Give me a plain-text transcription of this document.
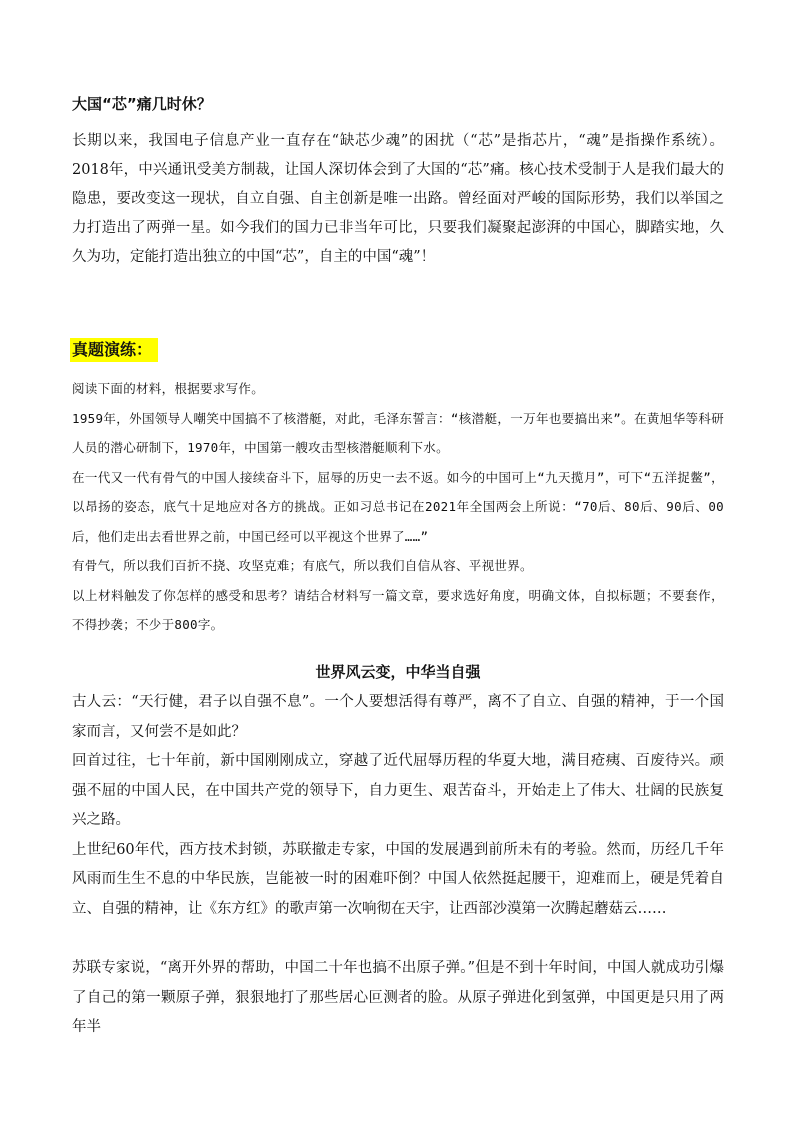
大国“芯”痛几时休？
长期以来，我国电子信息产业一直存在“缺芯少魂”的困扰（“芯”是指芯片，“魂”是指操作系统）。2018年，中兴通讯受美方制裁，让国人深切体会到了大国的“芯”痛。核心技术受制于人是我们最大的隐患，要改变这一现状，自立自强、自主创新是唯一出路。曾经面对严峻的国际形势，我们以举国之力打造出了两弹一星。如今我们的国力已非当年可比，只要我们凝聚起澎湃的中国心，脚踏实地，久久为功，定能打造出独立的中国“芯”，自主的中国“魂”！
真题演练：

阅读下面的材料，根据要求写作。

1959年，外国领导人嘲笑中国搞不了核潜艇，对此，毛泽东誓言：“核潜艇，一万年也要搞出来”。在黄旭华等科研人员的潜心研制下，1970年，中国第一艘攻击型核潜艇顺利下水。

在一代又一代有骨气的中国人接续奋斗下，屈辱的历史一去不返。如今的中国可上“九天揽月”，可下“五洋捉鳖”，以昂扬的姿态，底气十足地应对各方的挑战。正如习总书记在2021年全国两会上所说：“70后、80后、90后、00后，他们走出去看世界之前，中国已经可以平视这个世界了……”

有骨气，所以我们百折不挠、攻坚克难；有底气，所以我们自信从容、平视世界。

以上材料触发了你怎样的感受和思考？请结合材料写一篇文章，要求选好角度，明确文体，自拟标题；不要套作，不得抄袭；不少于800字。

世界风云变，中华当自强

古人云：“天行健，君子以自强不息”。一个人要想活得有尊严，离不了自立、自强的精神，于一个国家而言，又何尝不是如此？

回首过往，七十年前，新中国刚刚成立，穿越了近代屈辱历程的华夏大地，满目疮痍、百废待兴。顽强不屈的中国人民，在中国共产党的领导下，自力更生、艰苦奋斗，开始走上了伟大、壮阔的民族复兴之路。

上世纪60年代，西方技术封锁，苏联撤走专家，中国的发展遇到前所未有的考验。然而，历经几千年风雨而生生不息的中华民族，岂能被一时的困难吓倒？中国人依然挺起腰干，迎难而上，硬是凭着自立、自强的精神，让《东方红》的歌声第一次响彻在天宇，让西部沙漠第一次腾起蘑菇云……

苏联专家说，“离开外界的帮助，中国二十年也搞不出原子弹。”但是不到十年时间，中国人就成功引爆了自己的第一颗原子弹，狠狠地打了那些居心叵测者的脸。从原子弹进化到氢弹，中国更是只用了两年半
